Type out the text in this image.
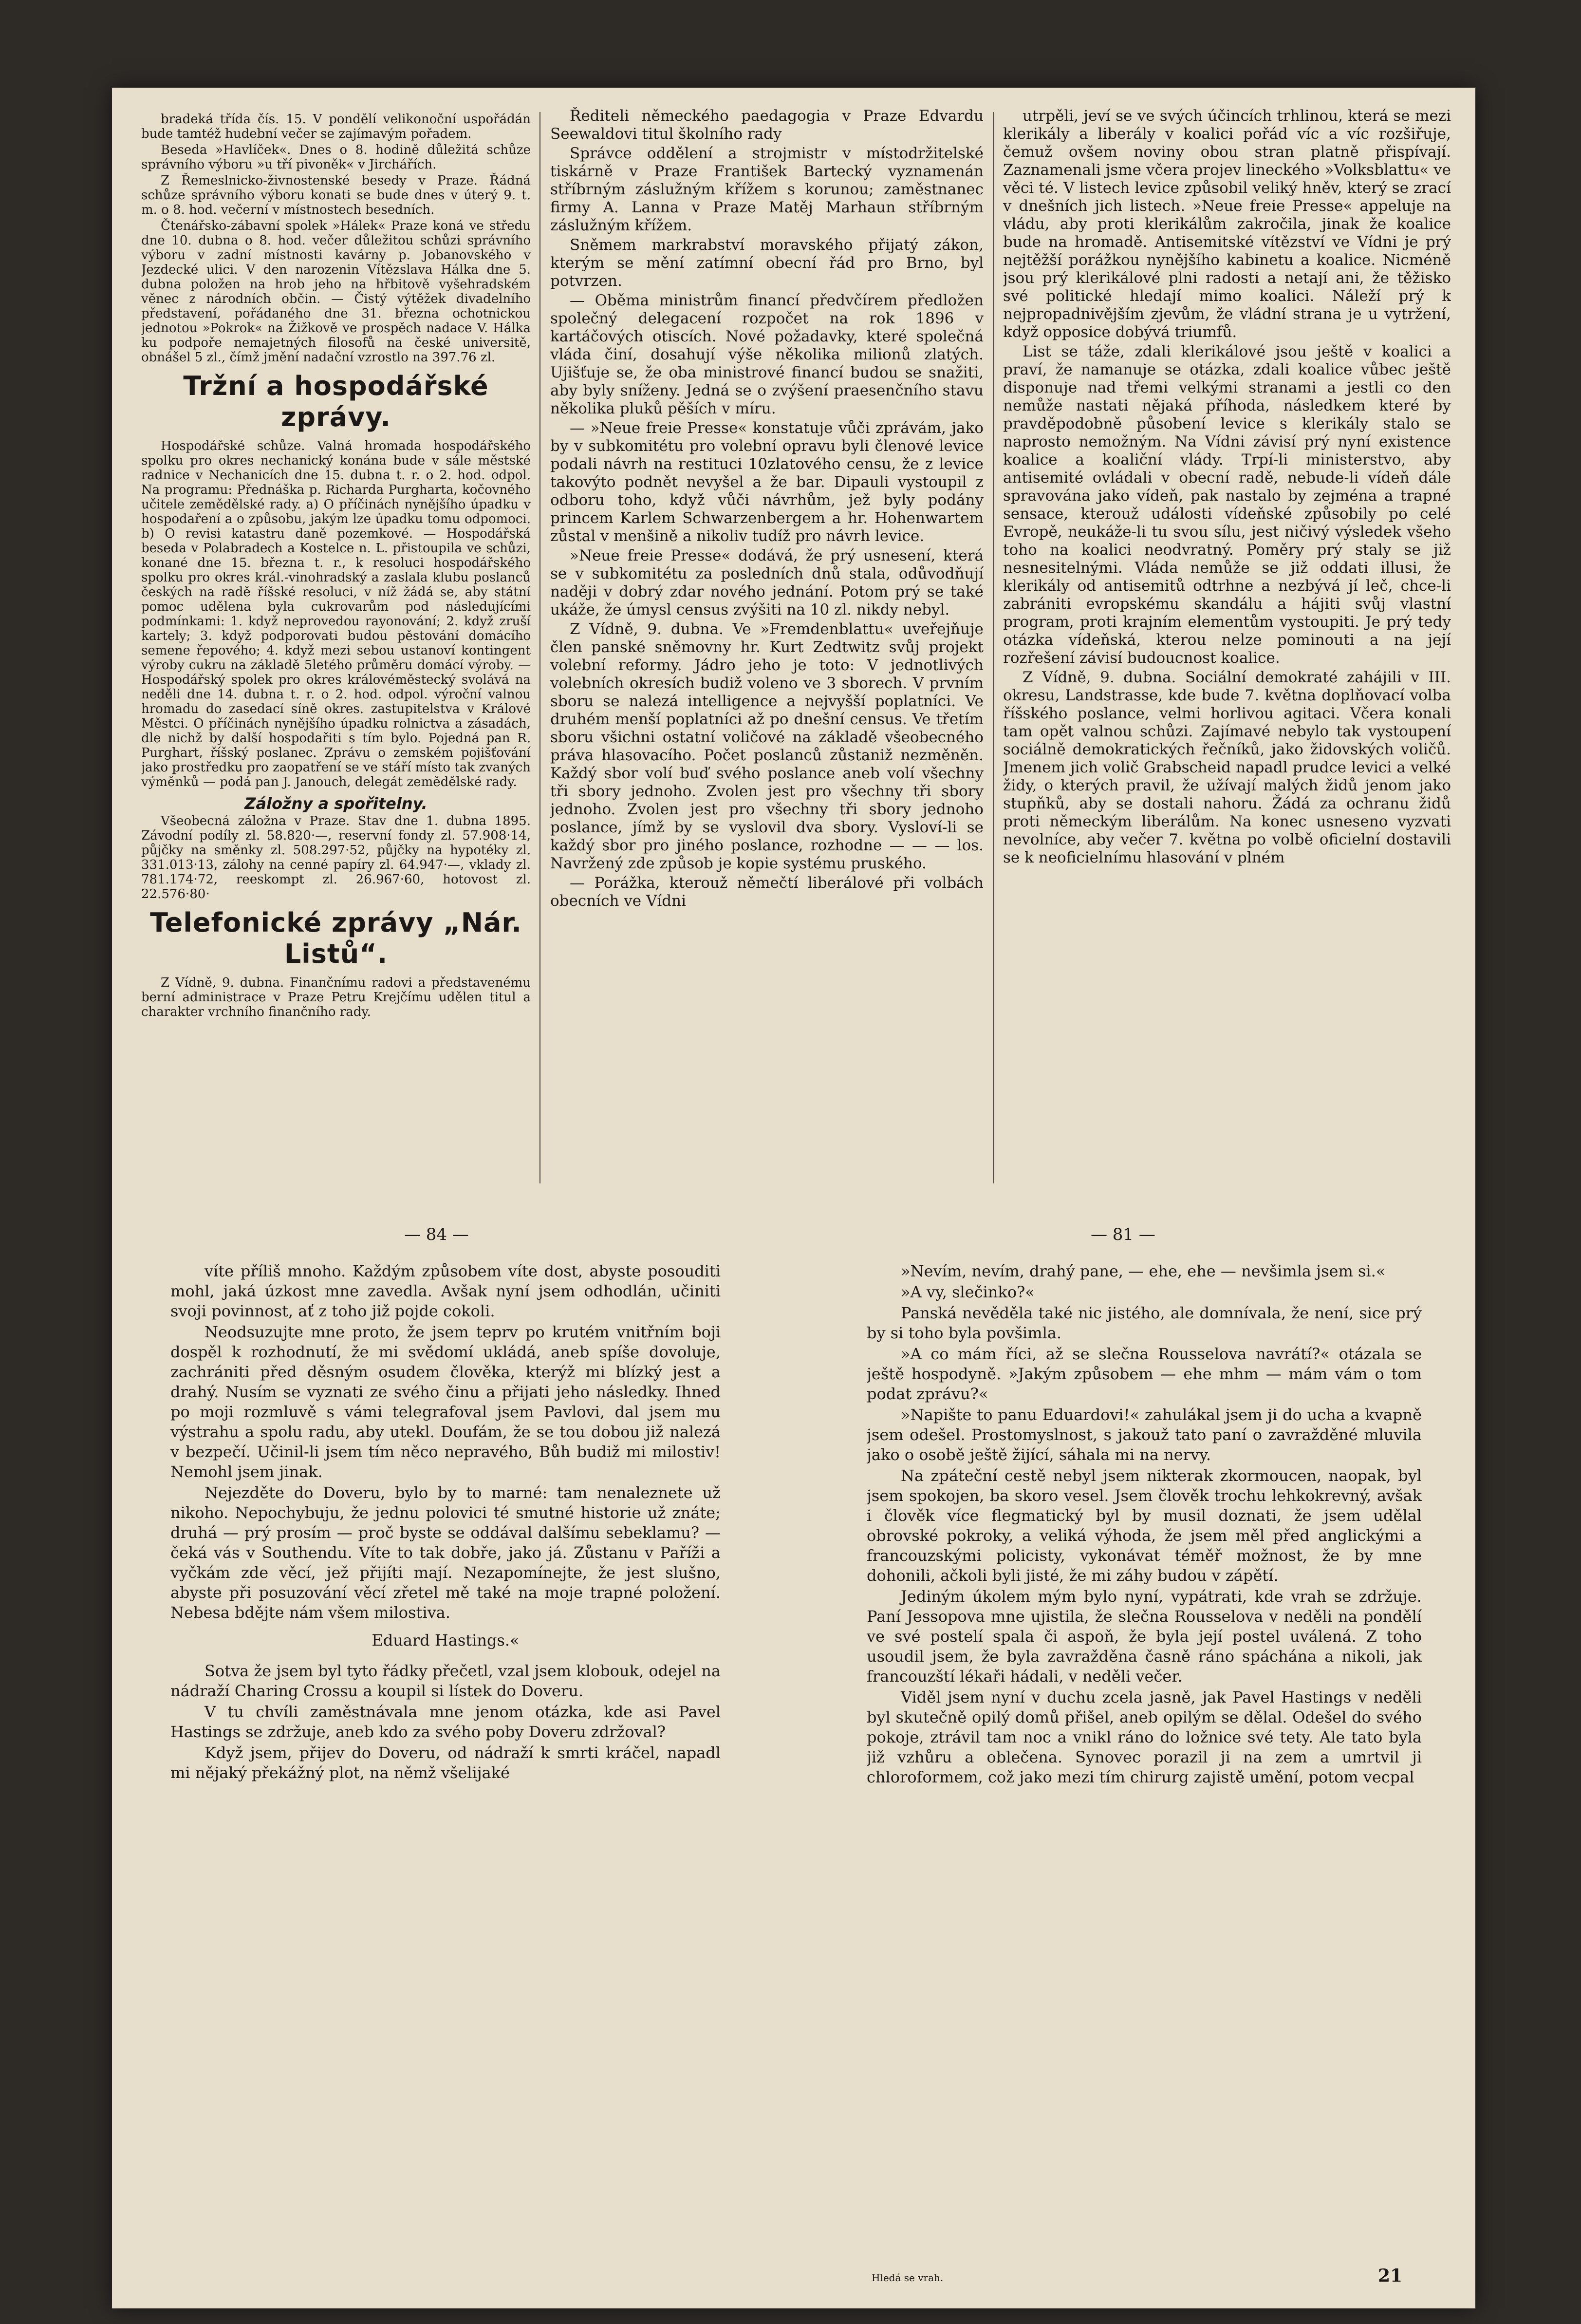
bradeká třída čís. 15. V pondělí velikonoční uspořádán bude tamtéž hudební večer se zajímavým pořadem.

Beseda »Havlíček«. Dnes o 8. hodině důležitá schůze správního výboru »u tří pivoněk« v Jirchářích.

Z Řemeslnicko-živnostenské besedy v Praze. Řádná schůze správního výboru konati se bude dnes v úterý 9. t. m. o 8. hod. večerní v místnostech besedních.

Čtenářsko-zábavní spolek »Hálek« Praze koná ve středu dne 10. dubna o 8. hod. večer důležitou schůzi správního výboru v zadní místnosti kavárny p. Jobanovského v Jezdecké ulici. V den narozenin Vítězslava Hálka dne 5. dubna položen na hrob jeho na hřbitově vyšehradském věnec z národních občin. — Čistý výtěžek divadelního představení, pořádaného dne 31. března ochotnickou jednotou »Pokrok« na Žižkově ve prospěch nadace V. Hálka ku podpoře nemajetných filosofů na české universitě, obnášel 5 zl., čímž jmění nadační vzrostlo na 397.76 zl.

Tržní a hospodářské zprávy.

Hospodářské schůze. Valná hromada hospodářského spolku pro okres nechanický konána bude v sále městské radnice v Nechanicích dne 15. dubna t. r. o 2. hod. odpol. Na programu: Přednáška p. Richarda Purgharta, kočovného učitele zemědělské rady. a) O příčinách nynějšího úpadku v hospodaření a o způsobu, jakým lze úpadku tomu odpomoci. b) O revisi katastru daně pozemkové. — Hospodářská beseda v Polabradech a Kostelce n. L. přistoupila ve schůzi, konané dne 15. března t. r., k resoluci hospodářského spolku pro okres král.-vinohradský a zaslala klubu poslanců českých na radě říšské resoluci, v níž žádá se, aby státní pomoc udělena byla cukrovarům pod následujícími podmínkami: 1. když neprovedou rayonování; 2. když zruší kartely; 3. když podporovati budou pěstování domácího semene řepového; 4. když mezi sebou ustanoví kontingent výroby cukru na základě 5letého průměru domácí výroby. — Hospodářský spolek pro okres královéměstecký svolává na neděli dne 14. dubna t. r. o 2. hod. odpol. výroční valnou hromadu do zasedací síně okres. zastupitelstva v Králové Městci. O příčinách nynějšího úpadku rolnictva a zásadách, dle nichž by další hospodařiti s tím bylo. Pojedná pan R. Purghart, říšský poslanec. Zprávu o zemském pojišťování jako prostředku pro zaopatření se ve stáří místo tak zvaných výměnků — podá pan J. Janouch, delegát zemědělské rady.

Záložny a spořitelny.

Všeobecná záložna v Praze. Stav dne 1. dubna 1895. Závodní podíly zl. 58.820·—, reservní fondy zl. 57.908·14, půjčky na směnky zl. 508.297·52, půjčky na hypotéky zl. 331.013·13, zálohy na cenné papíry zl. 64.947·—, vklady zl. 781.174·72, reeskompt zl. 26.967·60, hotovost zl. 22.576·80·

Telefonické zprávy „Nár. Listů“.

Z Vídně, 9. dubna. Finančnímu radovi a představenému berní administrace v Praze Petru Krejčímu udělen titul a charakter vrchního finančního rady.

Řediteli německého paedagogia v Praze Edvardu Seewaldovi titul školního rady

Správce oddělení a strojmistr v místodržitelské tiskárně v Praze František Bartecký vyznamenán stříbrným záslužným křížem s korunou; zaměstnanec firmy A. Lanna v Praze Matěj Marhaun stříbrným záslužným křížem.

Sněmem markrabství moravského přijatý zákon, kterým se mění zatímní obecní řád pro Brno, byl potvrzen.

— Oběma ministrům financí předvčírem předložen společný delegacení rozpočet na rok 1896 v kartáčových otiscích. Nové požadavky, které společná vláda činí, dosahují výše několika milionů zlatých. Ujišťuje se, že oba ministrové financí budou se snažiti, aby byly sníženy. Jedná se o zvýšení praesenčního stavu několika pluků pěších v míru.

— »Neue freie Presse« konstatuje vůči zprávám, jako by v subkomitétu pro volební opravu byli členové levice podali návrh na restituci 10zlatového censu, že z levice takovýto podnět nevyšel a že bar. Dipauli vystoupil z odboru toho, když vůči návrhům, jež byly podány princem Karlem Schwarzenbergem a hr. Hohenwartem zůstal v menšině a nikoliv tudíž pro návrh levice.

»Neue freie Presse« dodává, že prý usnesení, která se v subkomitétu za posledních dnů stala, odůvodňují naději v dobrý zdar nového jednání. Potom prý se také ukáže, že úmysl census zvýšiti na 10 zl. nikdy nebyl.

Z Vídně, 9. dubna. Ve »Fremdenblattu« uveřejňuje člen panské sněmovny hr. Kurt Zedtwitz svůj projekt volební reformy. Jádro jeho je toto: V jednotlivých volebních okresích budiž voleno ve 3 sborech. V prvním sboru se nalezá intelligence a nejvyšší poplatníci. Ve druhém menší poplatníci až po dnešní census. Ve třetím sboru všichni ostatní voličové na základě všeobecného práva hlasovacího. Počet poslanců zůstaniž nezměněn. Každý sbor volí buď svého poslance aneb volí všechny tři sbory jednoho. Zvolen jest pro všechny tři sbory jednoho. Zvolen jest pro všechny tři sbory jednoho poslance, jímž by se vyslovil dva sbory. Vysloví-li se každý sbor pro jiného poslance, rozhodne — — — los. Navržený zde způsob je kopie systému pruského.

— Porážka, kterouž němečtí liberálové při volbách obecních ve Vídni

utrpěli, jeví se ve svých účincích trhlinou, která se mezi klerikály a liberály v koalici pořád víc a víc rozšiřuje, čemuž ovšem noviny obou stran platně přispívají. Zaznamenali jsme včera projev lineckého »Volksblattu« ve věci té. V listech levice způsobil veliký hněv, který se zrací v dnešních jich listech. »Neue freie Presse« appeluje na vládu, aby proti klerikálům zakročila, jinak že koalice bude na hromadě. Antisemitské vítězství ve Vídni je prý nejtěžší porážkou nynějšího kabinetu a koalice. Nicméně jsou prý klerikálové plni radosti a netají ani, že těžisko své politické hledají mimo koalici. Náleží prý k nejpropadnivějším zjevům, že vládní strana je u vytržení, když opposice dobývá triumfů.

List se táže, zdali klerikálové jsou ještě v koalici a praví, že namanuje se otázka, zdali koalice vůbec ještě disponuje nad třemi velkými stranami a jestli co den nemůže nastati nějaká příhoda, následkem které by pravděpodobně působení levice s klerikály stalo se naprosto nemožným. Na Vídni závisí prý nyní existence koalice a koaliční vlády. Trpí-li ministerstvo, aby antisemité ovládali v obecní radě, nebude-li vídeň dále spravována jako vídeň, pak nastalo by zejména a trapné sensace, kterouž události vídeňské způsobily po celé Evropě, neukáže-li tu svou sílu, jest ničivý výsledek všeho toho na koalici neodvratný. Poměry prý staly se již nesnesitelnými. Vláda nemůže se již oddati illusi, že klerikály od antisemitů odtrhne a nezbývá jí leč, chce-li zabrániti evropskému skandálu a hájiti svůj vlastní program, proti krajním elementům vystoupiti. Je prý tedy otázka vídeňská, kterou nelze pominouti a na její rozřešení závisí budoucnost koalice.

Z Vídně, 9. dubna. Sociální demokraté zahájili v III. okresu, Landstrasse, kde bude 7. května doplňovací volba říšského poslance, velmi horlivou agitaci. Včera konali tam opět valnou schůzi. Zajímavé nebylo tak vystoupení sociálně demokratických řečníků, jako židovských voličů. Jmenem jich volič Grabscheid napadl prudce levici a velké židy, o kterých pravil, že užívají malých židů jenom jako stupňků, aby se dostali nahoru. Žádá za ochranu židů proti německým liberálům. Na konec usneseno vyzvati nevolníce, aby večer 7. května po volbě oficielní dostavili se k neoficielnímu hlasování v plném

— 84 —	— 81 —

víte příliš mnoho. Každým způsobem víte dost, abyste posouditi mohl, jaká úzkost mne zavedla. Avšak nyní jsem odhodlán, učiniti svoji povinnost, ať z toho již pojde cokoli.

Neodsuzujte mne proto, že jsem teprv po krutém vnitřním boji dospěl k rozhodnutí, že mi svědomí ukládá, aneb spíše dovoluje, zachrániti před děsným osudem člověka, kterýž mi blízký jest a drahý. Nusím se vyznati ze svého činu a přijati jeho následky. Ihned po moji rozmluvě s vámi telegrafoval jsem Pavlovi, dal jsem mu výstrahu a spolu radu, aby utekl. Doufám, že se tou dobou již nalezá v bezpečí. Učinil-li jsem tím něco nepravého, Bůh budiž mi milostiv! Nemohl jsem jinak.

Nejezděte do Doveru, bylo by to marné: tam nenaleznete už nikoho. Nepochybuju, že jednu polovici té smutné historie už znáte; druhá — prý prosím — proč byste se oddával dalšímu sebeklamu? — čeká vás v Southendu. Víte to tak dobře, jako já. Zůstanu v Paříži a vyčkám zde věcí, jež přijíti mají. Nezapomínejte, že jest slušno, abyste při posuzování věcí zřetel mě také na moje trapné položení. Nebesa bdějte nám všem milostiva.

Eduard Hastings.«

Sotva že jsem byl tyto řádky přečetl, vzal jsem klobouk, odejel na nádraží Charing Crossu a koupil si lístek do Doveru.

V tu chvíli zaměstnávala mne jenom otázka, kde asi Pavel Hastings se zdržuje, aneb kdo za svého poby Doveru zdržoval?

Když jsem, přijev do Doveru, od nádraží k smrti kráčel, napadl mi nějaký překážný plot, na němž všelijaké

»Nevím, nevím, drahý pane, — ehe, ehe — nevšimla jsem si.«

»A vy, slečinko?«

Panská nevěděla také nic jistého, ale domnívala, že není, sice prý by si toho byla povšimla.

»A co mám říci, až se slečna Rousselova navrátí?« otázala se ještě hospodyně. »Jakým způsobem — ehe mhm — mám vám o tom podat zprávu?«

»Napište to panu Eduardovi!« zahulákal jsem ji do ucha a kvapně jsem odešel. Prostomyslnost, s jakouž tato paní o zavražděné mluvila jako o osobě ještě žijící, sáhala mi na nervy.

Na zpáteční cestě nebyl jsem nikterak zkormoucen, naopak, byl jsem spokojen, ba skoro vesel. Jsem člověk trochu lehkokrevný, avšak i člověk více flegmatický byl by musil doznati, že jsem udělal obrovské pokroky, a veliká výhoda, že jsem měl před anglickými a francouzskými policisty, vykonávat téměř možnost, že by mne dohonili, ačkoli byli jisté, že mi záhy budou v zápětí.

Jediným úkolem mým bylo nyní, vypátrati, kde vrah se zdržuje. Paní Jessopova mne ujistila, že slečna Rousselova v neděli na pondělí ve své postelí spala či aspoň, že byla její postel uválená. Z toho usoudil jsem, že byla zavražděna časně ráno spáchána a nikoli, jak francouzští lékaři hádali, v neděli večer.

Viděl jsem nyní v duchu zcela jasně, jak Pavel Hastings v neděli byl skutečně opilý domů přišel, aneb opilým se dělal. Odešel do svého pokoje, ztrávil tam noc a vnikl ráno do ložnice své tety. Ale tato byla již vzhůru a oblečena. Synovec porazil ji na zem a umrtvil ji chloroformem, což jako mezi tím chirurg zajistě umění, potom vecpal

Hledá se vrah.	21
